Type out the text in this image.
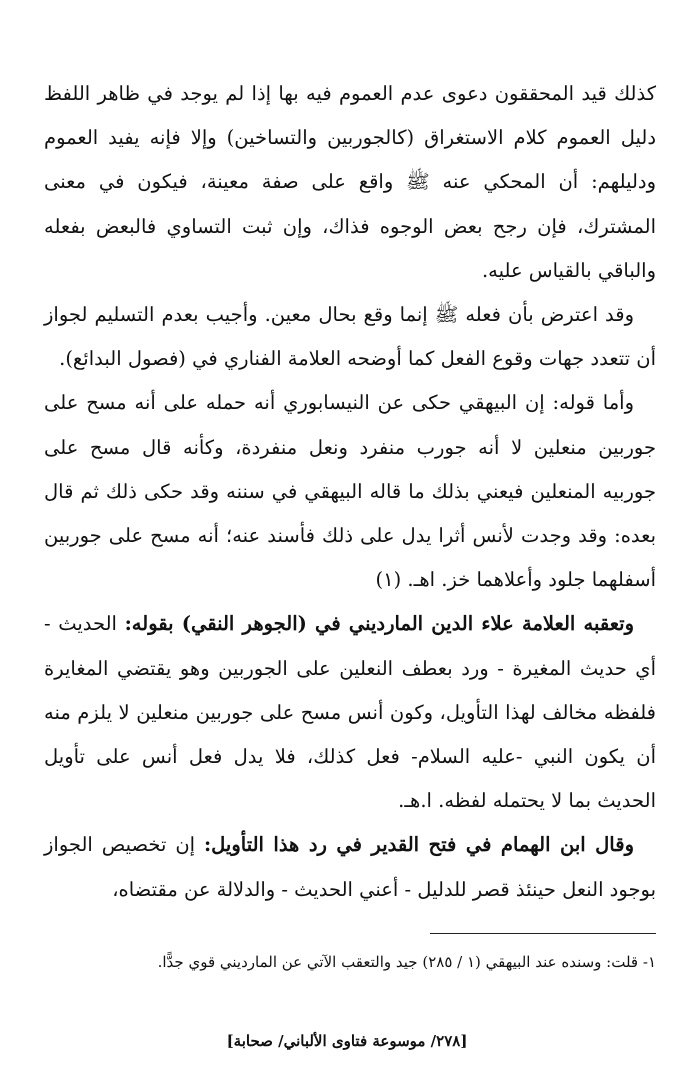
كذلك قيد المحققون دعوى عدم العموم فيه بها إذا لم يوجد في ظاهر اللفظ دليل العموم كلام الاستغراق (كالجوربين والتساخين) وإلا فإنه يفيد العموم ودليلهم: أن المحكي عنه ﷺ واقع على صفة معينة، فيكون في معنى المشترك، فإن رجح بعض الوجوه فذاك، وإن ثبت التساوي فالبعض بفعله والباقي بالقياس عليه.

وقد اعترض بأن فعله ﷺ إنما وقع بحال معين. وأجيب بعدم التسليم لجواز أن تتعدد جهات وقوع الفعل كما أوضحه العلامة الفناري في (فصول البدائع).

وأما قوله: إن البيهقي حكى عن النيسابوري أنه حمله على أنه مسح على جوربين منعلين لا أنه جورب منفرد ونعل منفردة، وكأنه قال مسح على جوربيه المنعلين فيعني بذلك ما قاله البيهقي في سننه وقد حكى ذلك ثم قال بعده: وقد وجدت لأنس أثرا يدل على ذلك فأسند عنه؛ أنه مسح على جوربين أسفلهما جلود وأعلاهما خز. اهـ. (١)

وتعقبه العلامة علاء الدين المارديني في (الجوهر النقي) بقوله: الحديث - أي حديث المغيرة - ورد بعطف النعلين على الجوربين وهو يقتضي المغايرة فلفظه مخالف لهذا التأويل، وكون أنس مسح على جوربين منعلين لا يلزم منه أن يكون النبي -عليه السلام- فعل كذلك، فلا يدل فعل أنس على تأويل الحديث بما لا يحتمله لفظه. ا.هـ.

وقال ابن الهمام في فتح القدير في رد هذا التأويل: إن تخصيص الجواز بوجود النعل حينئذ قصر للدليل - أعني الحديث - والدلالة عن مقتضاه،

١- قلت: وسنده عند البيهقي (١ / ٢٨٥) جيد والتعقب الآتي عن المارديني قوي جدًّا.
[٢٧٨/ موسوعة فتاوى الألباني/ صحابة]
